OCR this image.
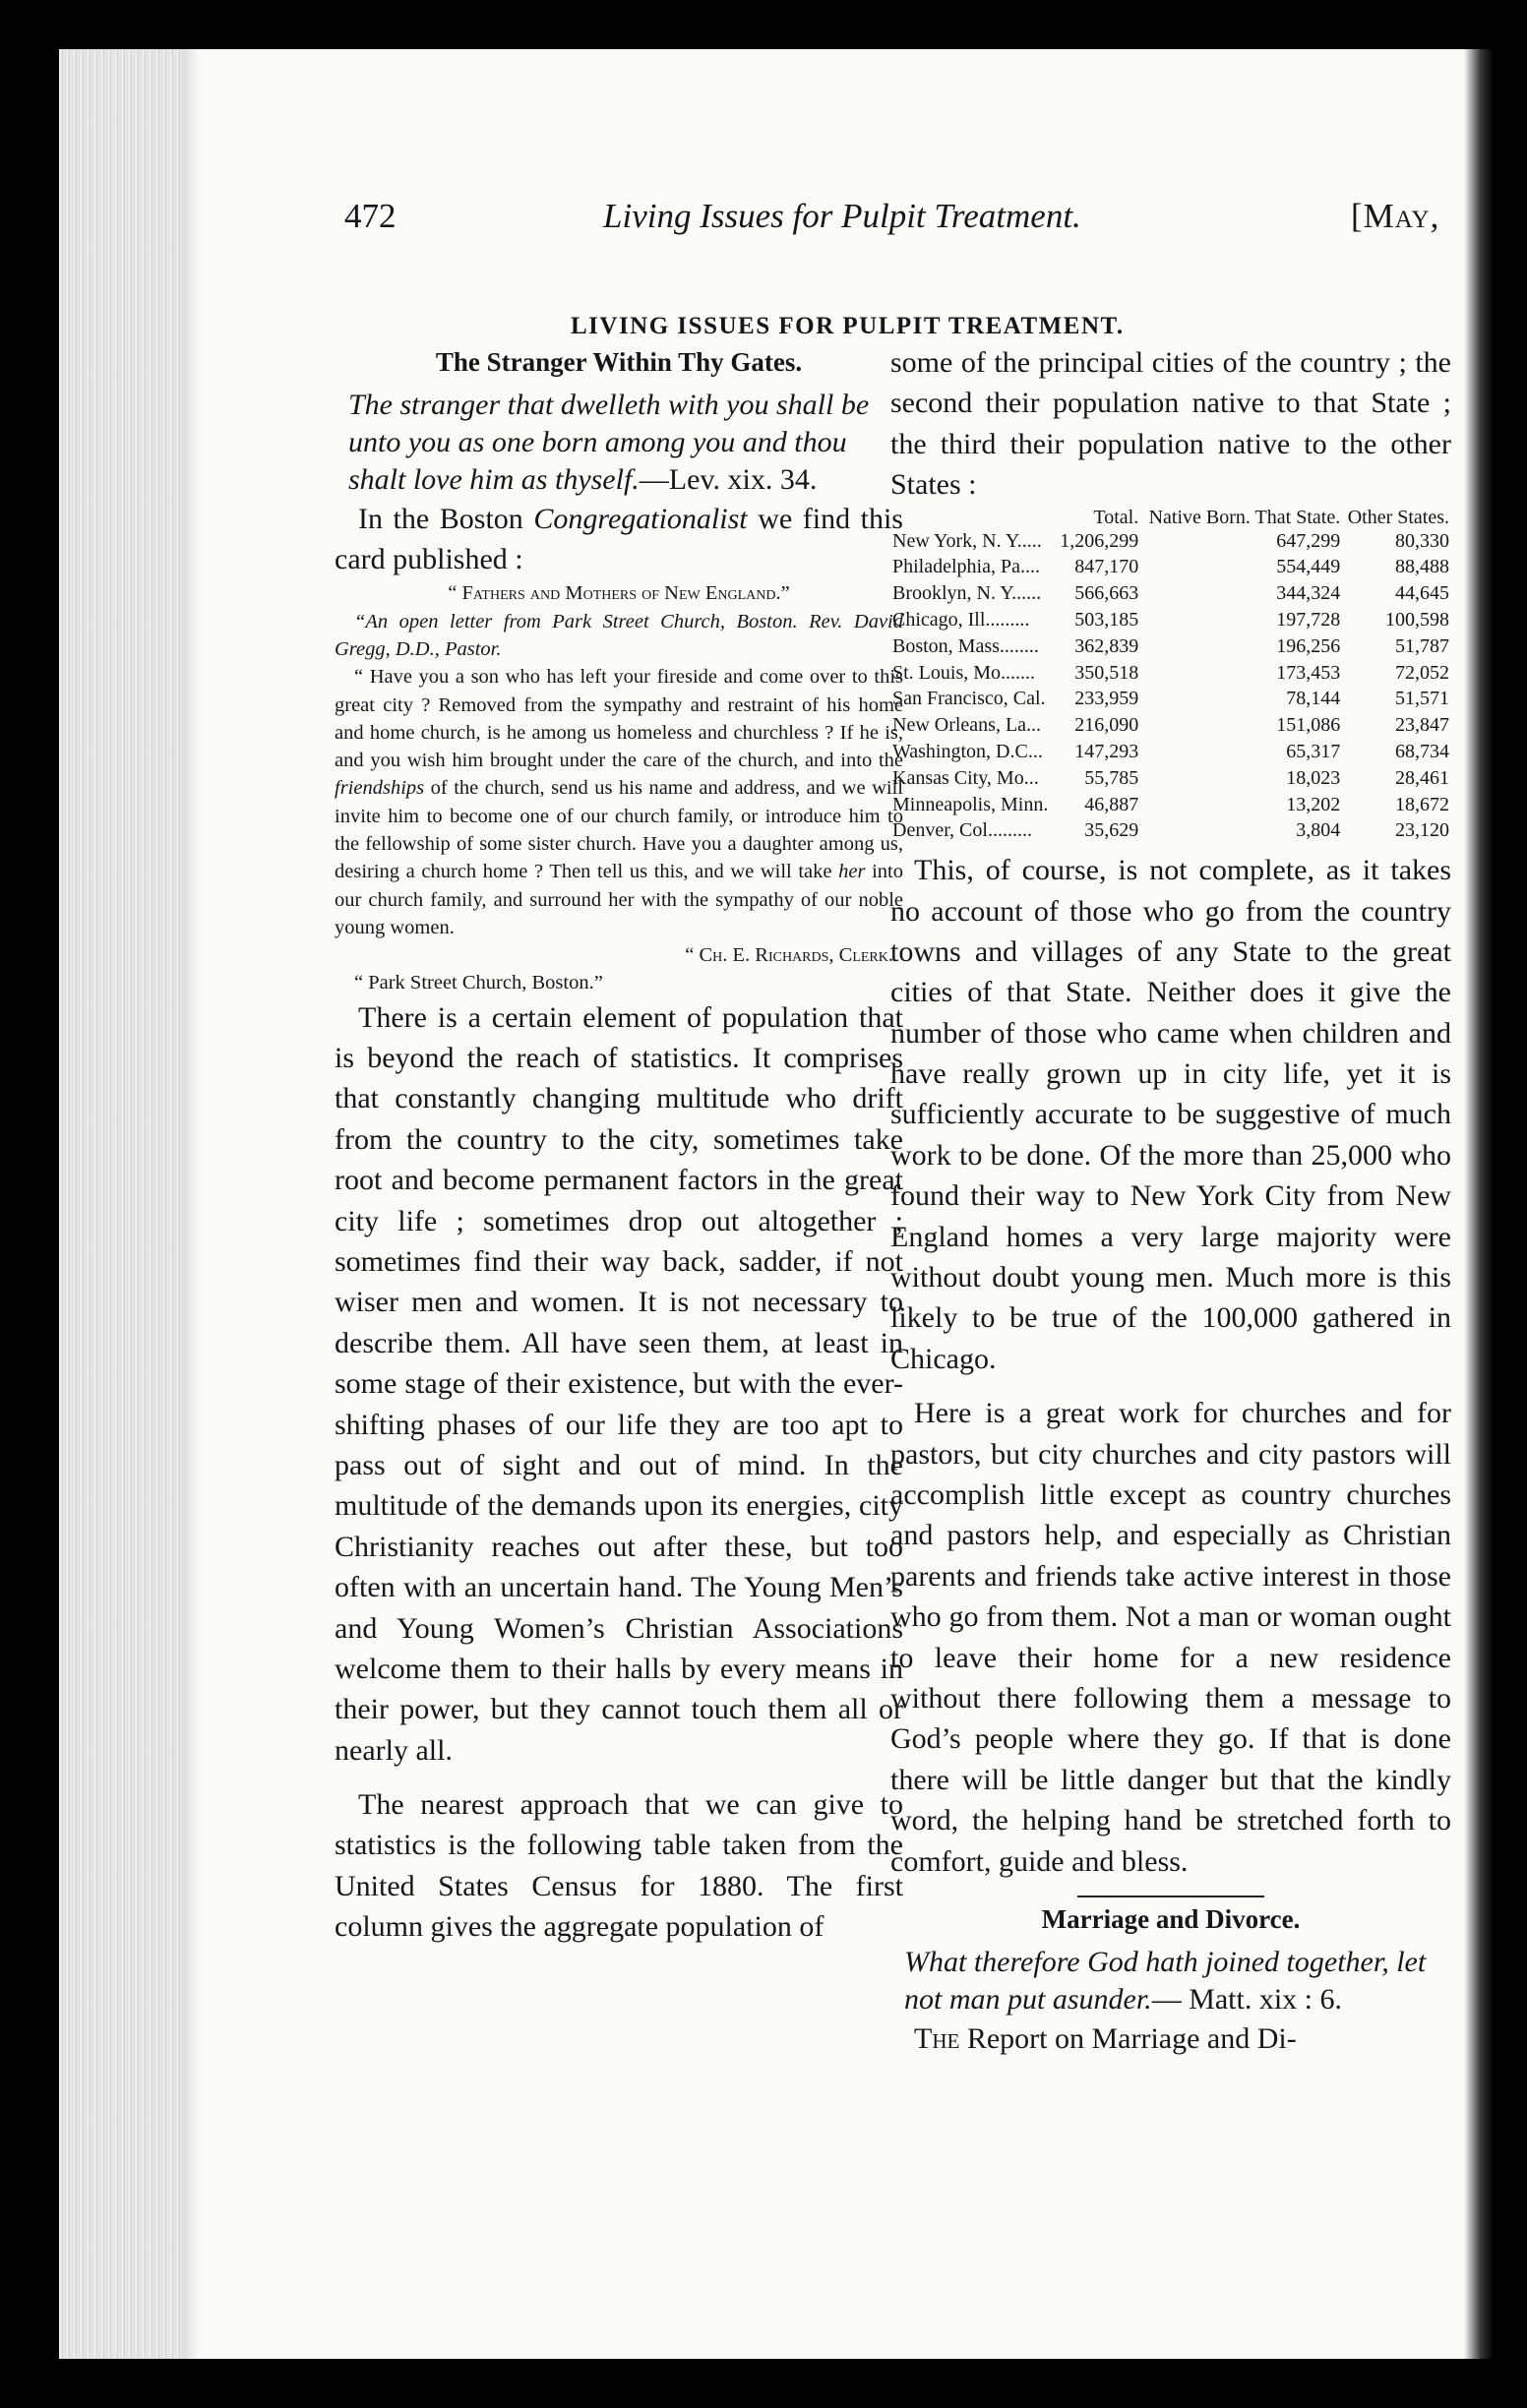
472	Living Issues for Pulpit Treatment.	[May,
LIVING ISSUES FOR PULPIT TREATMENT.
The Stranger Within Thy Gates.
The stranger that dwelleth with you shall be unto you as one born among you and thou shalt love him as thyself.—Lev. xix. 34.

In the Boston Congregationalist we find this card published :

“ Fathers and Mothers of New England.”

“An open letter from Park Street Church, Boston. Rev. David Gregg, D.D., Pastor.

“ Have you a son who has left your fireside and come over to this great city ? Removed from the sympathy and restraint of his home and home church, is he among us homeless and churchless ? If he is, and you wish him brought under the care of the church, and into the friendships of the church, send us his name and address, and we will invite him to become one of our church family, or introduce him to the fellowship of some sister church. Have you a daughter among us, desiring a church home ? Then tell us this, and we will take her into our church family, and surround her with the sympathy of our noble young women.

“ Ch. E. Richards, Clerk.

“ Park Street Church, Boston.”

There is a certain element of population that is beyond the reach of statistics. It comprises that constantly changing multitude who drift from the country to the city, sometimes take root and become permanent factors in the great city life ; sometimes drop out altogether ; sometimes find their way back, sadder, if not wiser men and women. It is not necessary to describe them. All have seen them, at least in some stage of their existence, but with the ever-shifting phases of our life they are too apt to pass out of sight and out of mind. In the multitude of the demands upon its energies, city Christianity reaches out after these, but too often with an uncertain hand. The Young Men’s and Young Women’s Christian Associations welcome them to their halls by every means in their power, but they cannot touch them all or nearly all.

The nearest approach that we can give to statistics is the following table taken from the United States Census for 1880. The first column gives the aggregate population of

some of the principal cities of the country ; the second their population native to that State ; the third their population native to the other States :

	Total.	Native Born. That State.	Other States.
New York, N. Y.....	1,206,299	647,299	80,330
Philadelphia, Pa....	847,170	554,449	88,488
Brooklyn, N. Y......	566,663	344,324	44,645
Chicago, Ill.........	503,185	197,728	100,598
Boston, Mass........	362,839	196,256	51,787
St. Louis, Mo.......	350,518	173,453	72,052
San Francisco, Cal.	233,959	78,144	51,571
New Orleans, La...	216,090	151,086	23,847
Washington, D.C...	147,293	65,317	68,734
Kansas City, Mo...	55,785	18,023	28,461
Minneapolis, Minn.	46,887	13,202	18,672
Denver, Col.........	35,629	3,804	23,120

This, of course, is not complete, as it takes no account of those who go from the country towns and villages of any State to the great cities of that State. Neither does it give the number of those who came when children and have really grown up in city life, yet it is sufficiently accurate to be suggestive of much work to be done. Of the more than 25,000 who found their way to New York City from New England homes a very large majority were without doubt young men. Much more is this likely to be true of the 100,000 gathered in Chicago.

Here is a great work for churches and for pastors, but city churches and city pastors will accomplish little except as country churches and pastors help, and especially as Christian parents and friends take active interest in those who go from them. Not a man or woman ought to leave their home for a new residence without there following them a message to God’s people where they go. If that is done there will be little danger but that the kindly word, the helping hand be stretched forth to comfort, guide and bless.

Marriage and Divorce.
What therefore God hath joined together, let not man put asunder.— Matt. xix : 6.

The Report on Marriage and Di-
